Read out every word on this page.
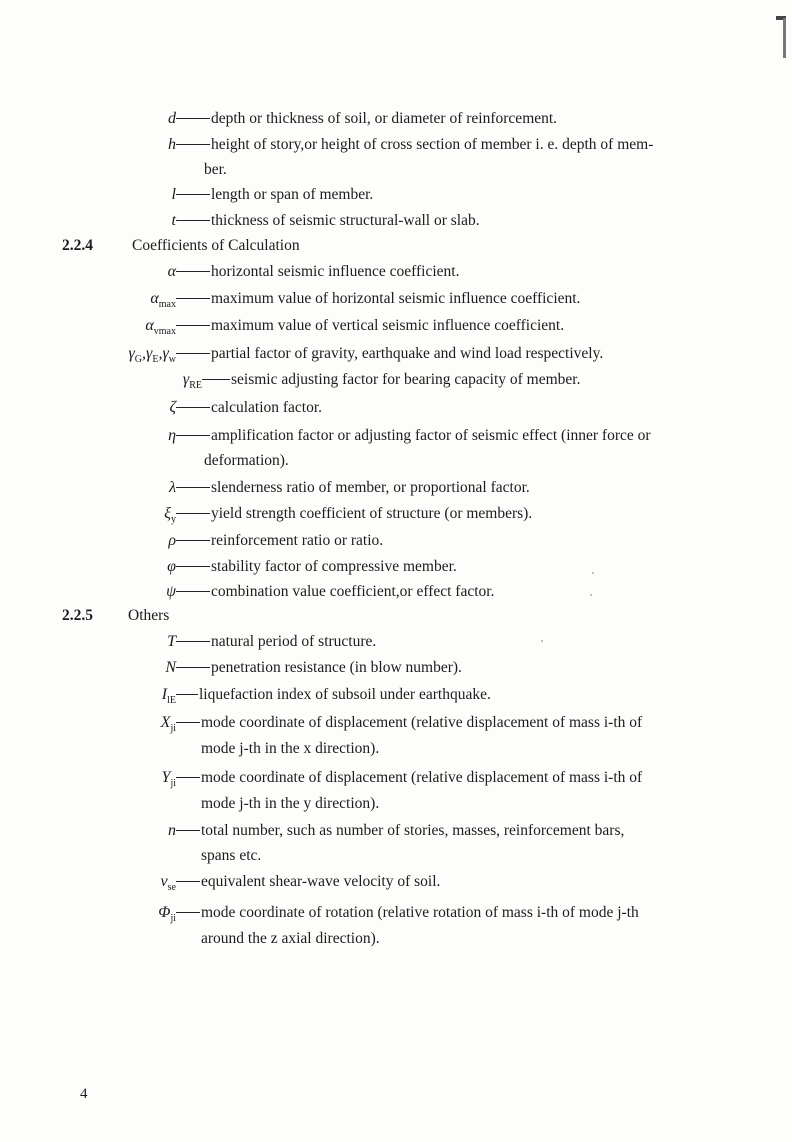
d	depth or thickness of soil, or diameter of reinforcement.
h	height of story,or height of cross section of member i. e. depth of mem-
ber.
l	length or span of member.
t	thickness of seismic structural-wall or slab.
2.2.4	Coefficients of Calculation
α	horizontal seismic influence coefficient.
$\alpha_{max}$	maximum value of horizontal seismic influence coefficient.
$\alpha_{vmax}$	maximum value of vertical seismic influence coefficient.
$\gamma_G,\gamma_E,\gamma_w$	partial factor of gravity, earthquake and wind load respectively.
$\gamma_{RE}$	seismic adjusting factor for bearing capacity of member.
ζ	calculation factor.
η	amplification factor or adjusting factor of seismic effect (inner force or
deformation).
λ	slenderness ratio of member, or proportional factor.
$\xi_y$	yield strength coefficient of structure (or members).
ρ	reinforcement ratio or ratio.
φ	stability factor of compressive member.
ψ	combination value coefficient,or effect factor.
2.2.5 Others
T	natural period of structure.
N	penetration resistance (in blow number).
$I_{lE}$	liquefaction index of subsoil under earthquake.
$X_{ji}$	mode coordinate of displacement (relative displacement of mass i-th of
mode j-th in the x direction).
$Y_{ji}$	mode coordinate of displacement (relative displacement of mass i-th of
mode j-th in the y direction).
n	total number, such as number of stories, masses, reinforcement bars,
spans etc.
$v_{se}$	equivalent shear-wave velocity of soil.
$\Phi_{ji}$	mode coordinate of rotation (relative rotation of mass i-th of mode j-th
around the z axial direction).
4
